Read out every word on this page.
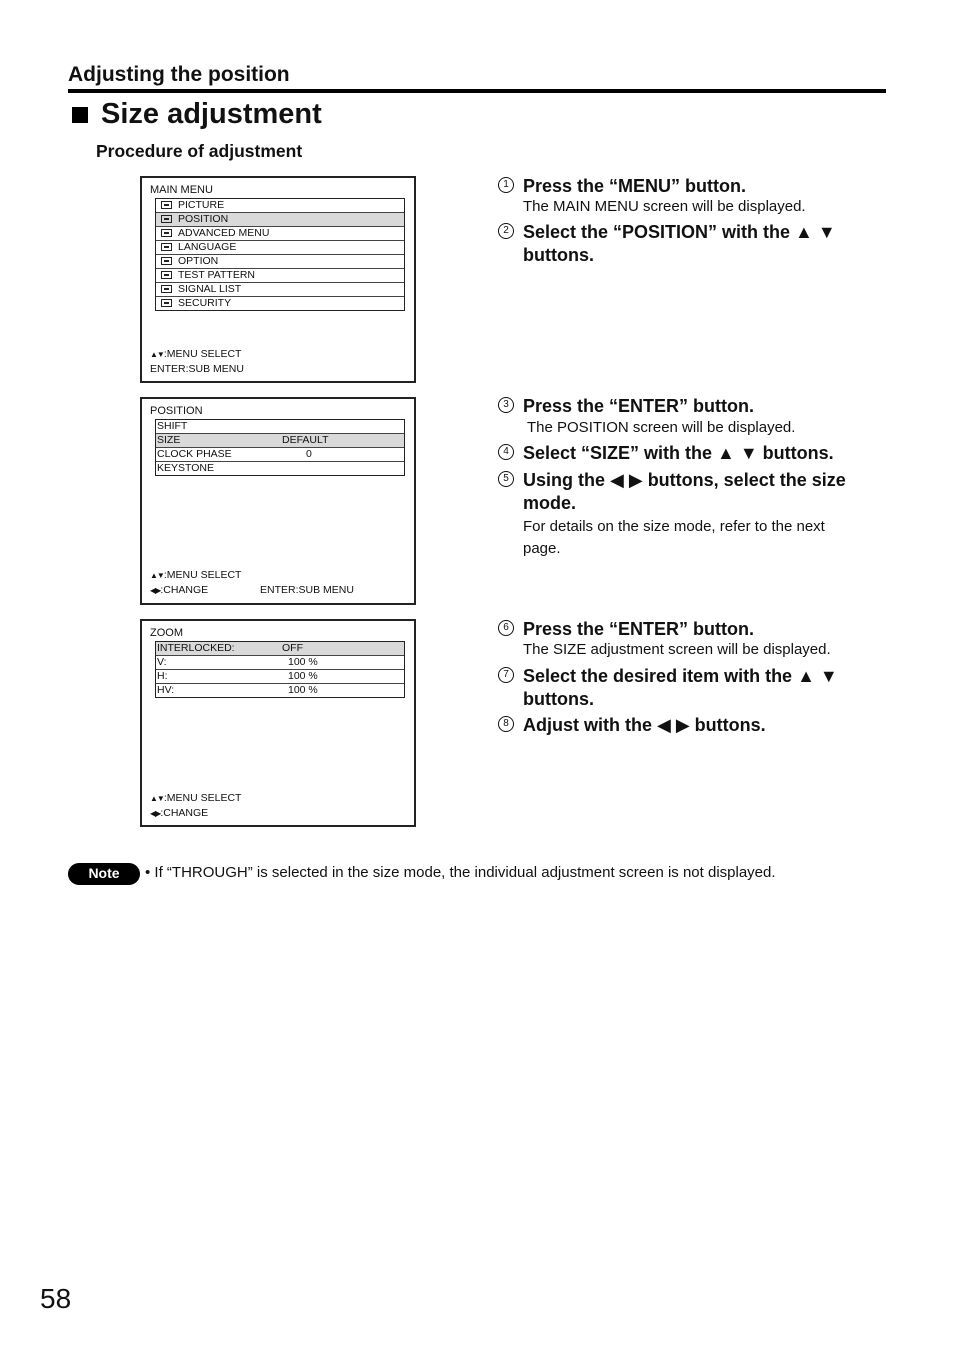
Adjusting the position
Size adjustment
Procedure of adjustment
MAIN MENU
PICTURE
POSITION
ADVANCED MENU
LANGUAGE
OPTION
TEST PATTERN
SIGNAL LIST
SECURITY
▲▼:MENU SELECT
ENTER:SUB MENU
POSITION
SHIFT
SIZE	DEFAULT
CLOCK PHASE	0
KEYSTONE
▲▼:MENU SELECT
◀▶:CHANGE	ENTER:SUB MENU
ZOOM
INTERLOCKED:	OFF
V:	100 %
H:	100 %
HV:	100 %
▲▼:MENU SELECT
◀▶:CHANGE
1 Press the “MENU” button.
The MAIN MENU screen will be displayed.
2 Select the “POSITION” with the ▲ ▼ buttons.
3 Press the “ENTER” button.
The POSITION screen will be displayed.
4 Select “SIZE” with the ▲ ▼ buttons.
5 Using the ◀ ▶ buttons, select the size mode.
For details on the size mode, refer to the next page.
6 Press the “ENTER” button.
The SIZE adjustment screen will be displayed.
7 Select the desired item with the ▲ ▼ buttons.
8 Adjust with the ◀ ▶ buttons.
Note	• If “THROUGH” is selected in the size mode, the individual adjustment screen is not displayed.
58
